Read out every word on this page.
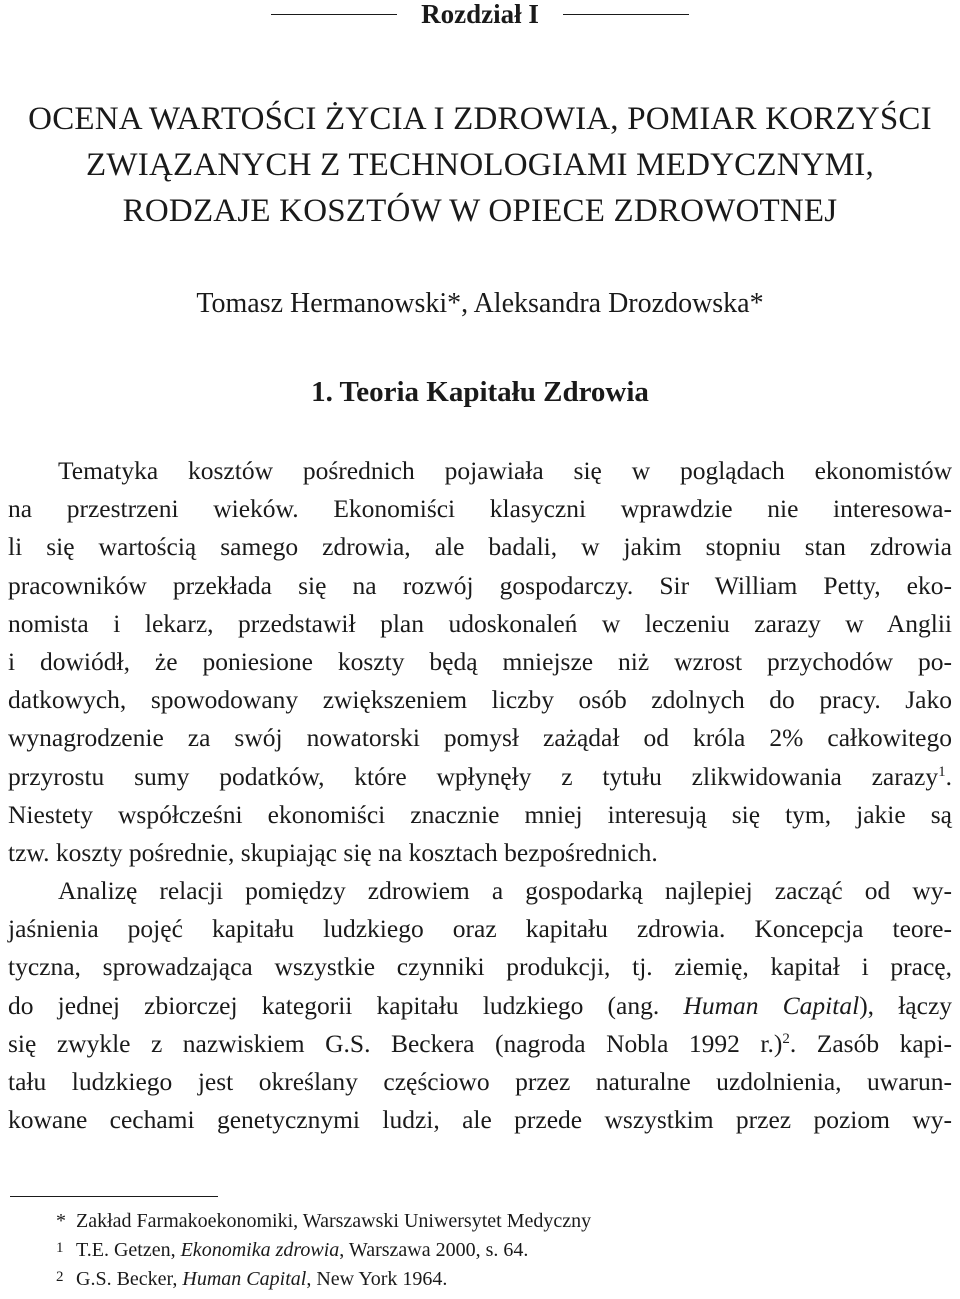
Rozdział I
OCENA WARTOŚCI ŻYCIA I ZDROWIA, POMIAR KORZYŚCI
ZWIĄZANYCH Z TECHNOLOGIAMI MEDYCZNYMI,
RODZAJE KOSZTÓW W OPIECE ZDROWOTNEJ
Tomasz Hermanowski*, Aleksandra Drozdowska*
1. Teoria Kapitału Zdrowia
Tematyka kosztów pośrednich pojawiała się w poglądach ekonomistów
na przestrzeni wieków. Ekonomiści klasyczni wprawdzie nie interesowa-
li się wartością samego zdrowia, ale badali, w jakim stopniu stan zdrowia
pracowników przekłada się na rozwój gospodarczy. Sir William Petty, eko-
nomista i lekarz, przedstawił plan udoskonaleń w leczeniu zarazy w Anglii
i dowiódł, że poniesione koszty będą mniejsze niż wzrost przychodów po-
datkowych, spowodowany zwiększeniem liczby osób zdolnych do pracy. Jako
wynagrodzenie za swój nowatorski pomysł zażądał od króla 2% całkowitego
przyrostu sumy podatków, które wpłynęły z tytułu zlikwidowania zarazy$^1$.
Niestety współcześni ekonomiści znacznie mniej interesują się tym, jakie są
tzw. koszty pośrednie, skupiając się na kosztach bezpośrednich.
Analizę relacji pomiędzy zdrowiem a gospodarką najlepiej zacząć od wy-
jaśnienia pojęć kapitału ludzkiego oraz kapitału zdrowia. Koncepcja teore-
tyczna, sprowadzająca wszystkie czynniki produkcji, tj. ziemię, kapitał i pracę,
do jednej zbiorczej kategorii kapitału ludzkiego (ang. Human Capital), łączy
się zwykle z nazwiskiem G.S. Beckera (nagroda Nobla 1992 r.)$^2$. Zasób kapi-
tału ludzkiego jest określany częściowo przez naturalne uzdolnienia, uwarun-
kowane cechami genetycznymi ludzi, ale przede wszystkim przez poziom wy-
* Zakład Farmakoekonomiki, Warszawski Uniwersytet Medyczny
1 T.E. Getzen, Ekonomika zdrowia, Warszawa 2000, s. 64.
2 G.S. Becker, Human Capital, New York 1964.
